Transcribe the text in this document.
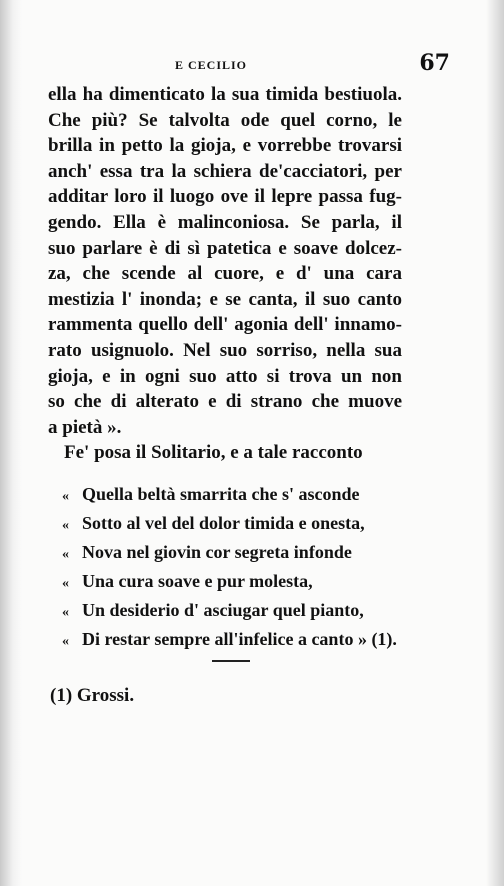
E CECILIO	67
ella ha dimenticato la sua timida bestiuola.
Che più? Se talvolta ode quel corno, le
brilla in petto la gioja, e vorrebbe trovarsi
anch' essa tra la schiera de'cacciatori, per
additar loro il luogo ove il lepre passa fug-
gendo. Ella è malinconiosa. Se parla, il
suo parlare è di sì patetica e soave dolcez-
za, che scende al cuore, e d' una cara
mestizia l' inonda; e se canta, il suo canto
rammenta quello dell' agonia dell' innamo-
rato usignuolo. Nel suo sorriso, nella sua
gioja, e in ogni suo atto si trova un non
so che di alterato e di strano che muove
a pietà ».
Fe' posa il Solitario, e a tale racconto
« Quella beltà smarrita che s' asconde
« Sotto al vel del dolor timida e onesta,
« Nova nel giovin cor segreta infonde
« Una cura soave e pur molesta,
« Un desiderio d' asciugar quel pianto,
« Di restar sempre all'infelice a canto » (1).
(1) Grossi.
